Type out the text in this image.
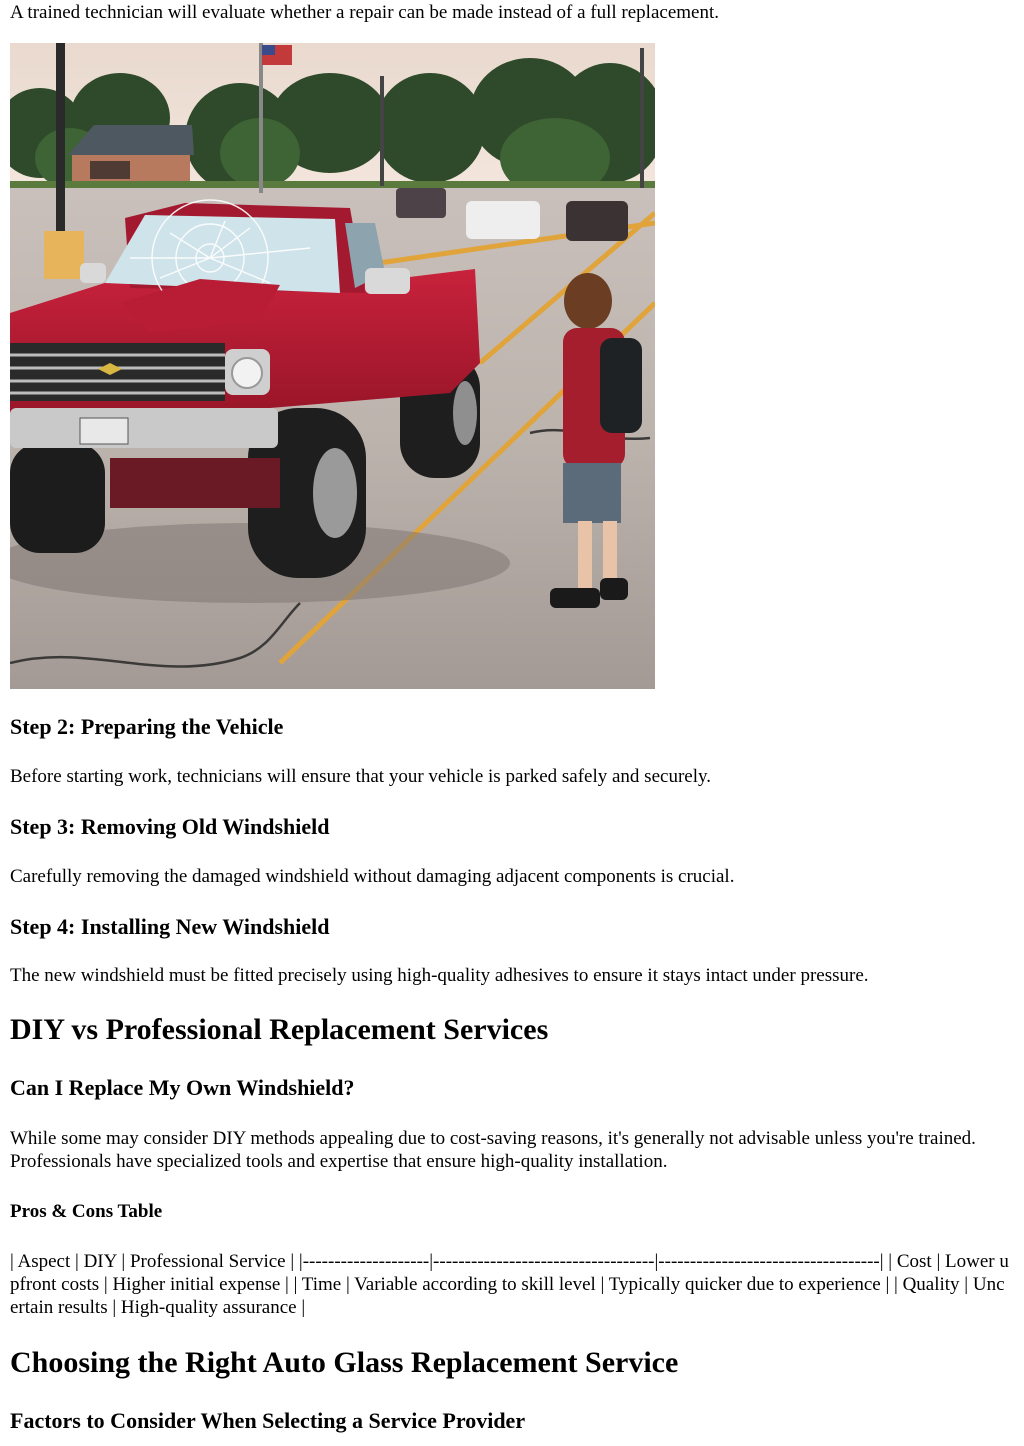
A trained technician will evaluate whether a repair can be made instead of a full replacement.

Step 2: Preparing the Vehicle

Before starting work, technicians will ensure that your vehicle is parked safely and securely.

Step 3: Removing Old Windshield

Carefully removing the damaged windshield without damaging adjacent components is crucial.

Step 4: Installing New Windshield

The new windshield must be fitted precisely using high-quality adhesives to ensure it stays intact under pressure.

DIY vs Professional Replacement Services
Can I Replace My Own Windshield?

While some may consider DIY methods appealing due to cost-saving reasons, it's generally not advisable unless you're trained. Professionals have specialized tools and expertise that ensure high-quality installation.

Pros & Cons Table

| Aspect | DIY | Professional Service | |--------------------|-----------------------------------|-----------------------------------| | Cost | Lower upfront costs | Higher initial expense | | Time | Variable according to skill level | Typically quicker due to experience | | Quality | Uncertain results | High-quality assurance |

Choosing the Right Auto Glass Replacement Service
Factors to Consider When Selecting a Service Provider
